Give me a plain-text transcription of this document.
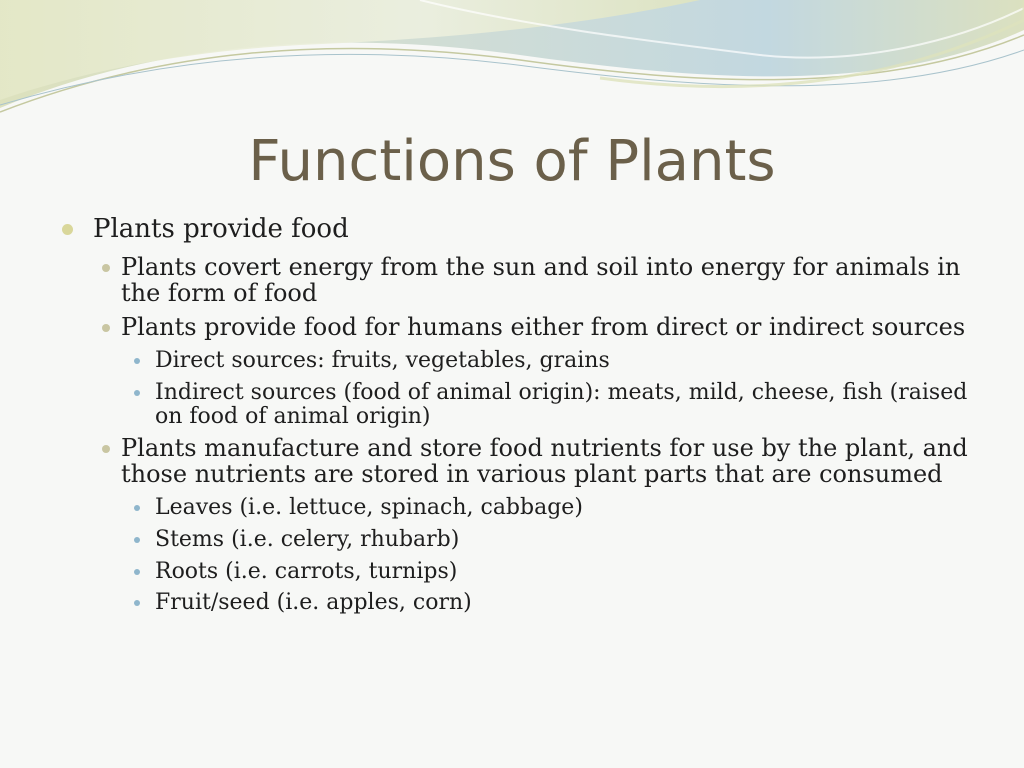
Functions of Plants
Plants provide food
Plants covert energy from the sun and soil into energy for animals in the form of food
Plants provide food for humans either from direct or indirect sources
Direct sources: fruits, vegetables, grains
Indirect sources (food of animal origin): meats, mild, cheese, fish (raised on food of animal origin)
Plants manufacture and store food nutrients for use by the plant, and those nutrients are stored in various plant parts that are consumed
Leaves (i.e. lettuce, spinach, cabbage)
Stems (i.e. celery, rhubarb)
Roots (i.e. carrots, turnips)
Fruit/seed (i.e. apples, corn)
